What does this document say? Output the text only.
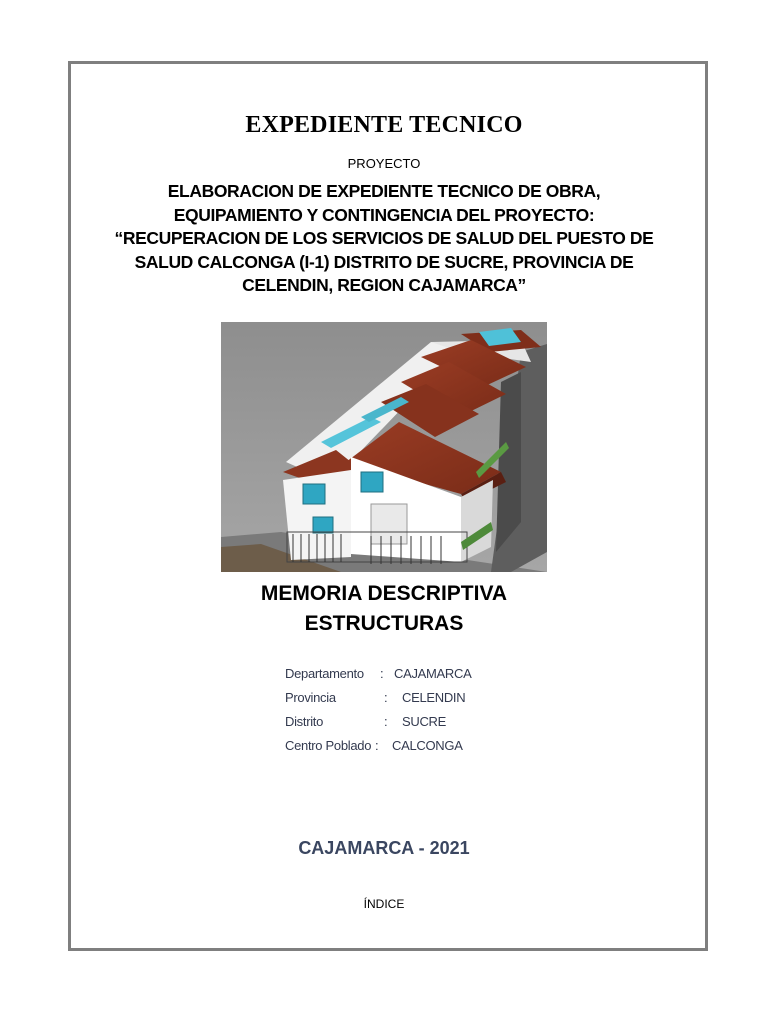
EXPEDIENTE TECNICO
PROYECTO
ELABORACION DE EXPEDIENTE TECNICO DE OBRA,
EQUIPAMIENTO Y CONTINGENCIA DEL PROYECTO:
“RECUPERACION DE LOS SERVICIOS DE SALUD DEL PUESTO DE
SALUD CALCONGA (I-1) DISTRITO DE SUCRE, PROVINCIA DE
CELENDIN, REGION CAJAMARCA”
MEMORIA DESCRIPTIVA
ESTRUCTURAS
Departamento : CAJAMARCA
Provincia	: CELENDIN
Distrito	: SUCRE
Centro Poblado : CALCONGA
CAJAMARCA - 2021
ÍNDICE
